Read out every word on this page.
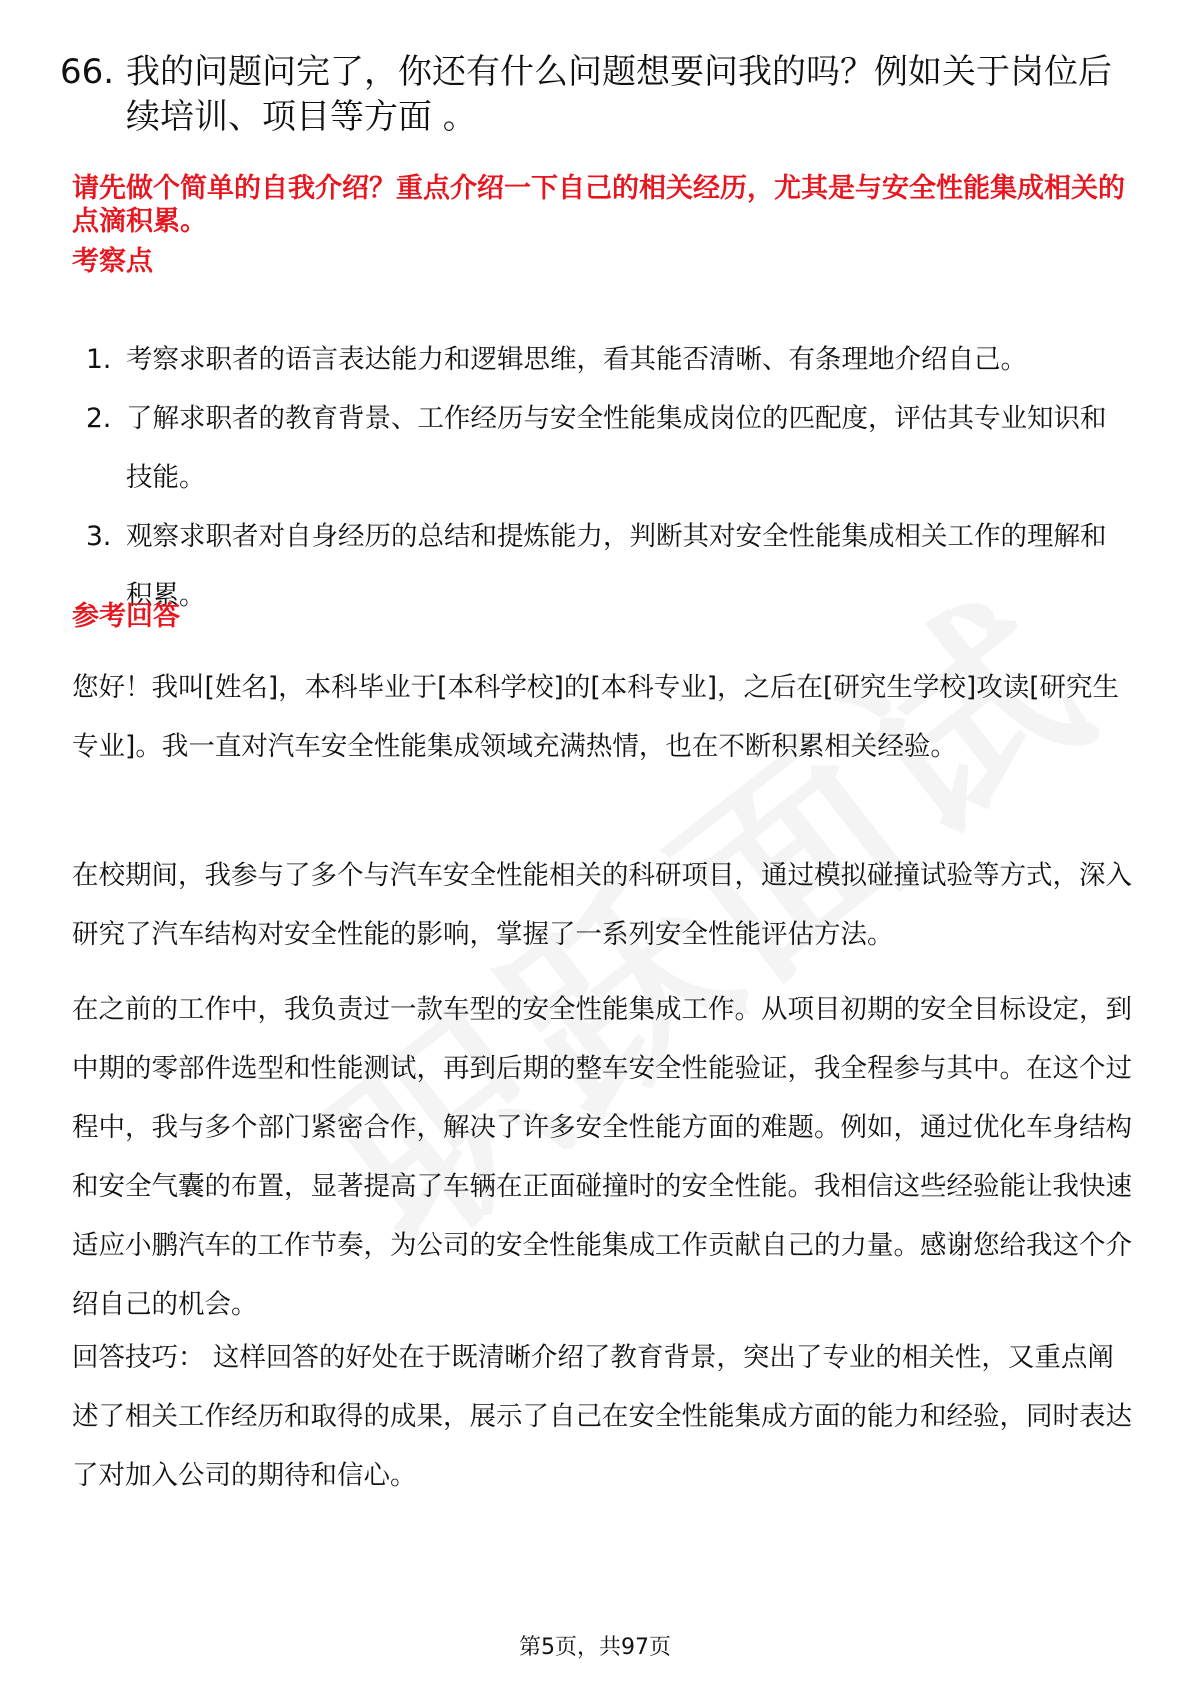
66. 我的问题问完了，你还有什么问题想要问我的吗？例如关于岗位后续培训、项目等方面 。
请先做个简单的自我介绍？重点介绍一下自己的相关经历，尤其是与安全性能集成相关的点滴积累。
考察点
1. 考察求职者的语言表达能力和逻辑思维，看其能否清晰、有条理地介绍自己。
2. 了解求职者的教育背景、工作经历与安全性能集成岗位的匹配度，评估其专业知识和技能。
3. 观察求职者对自身经历的总结和提炼能力，判断其对安全性能集成相关工作的理解和积累。
参考回答
您好！我叫[姓名]，本科毕业于[本科学校]的[本科专业]，之后在[研究生学校]攻读[研究生专业]。我一直对汽车安全性能集成领域充满热情，也在不断积累相关经验。
在校期间，我参与了多个与汽车安全性能相关的科研项目，通过模拟碰撞试验等方式，深入研究了汽车结构对安全性能的影响，掌握了一系列安全性能评估方法。
在之前的工作中，我负责过一款车型的安全性能集成工作。从项目初期的安全目标设定，到中期的零部件选型和性能测试，再到后期的整车安全性能验证，我全程参与其中。在这个过程中，我与多个部门紧密合作，解决了许多安全性能方面的难题。例如，通过优化车身结构和安全气囊的布置，显著提高了车辆在正面碰撞时的安全性能。我相信这些经验能让我快速适应小鹏汽车的工作节奏，为公司的安全性能集成工作贡献自己的力量。感谢您给我这个介绍自己的机会。
回答技巧： 这样回答的好处在于既清晰介绍了教育背景，突出了专业的相关性，又重点阐述了相关工作经历和取得的成果，展示了自己在安全性能集成方面的能力和经验，同时表达了对加入公司的期待和信心。
第5页，共97页
